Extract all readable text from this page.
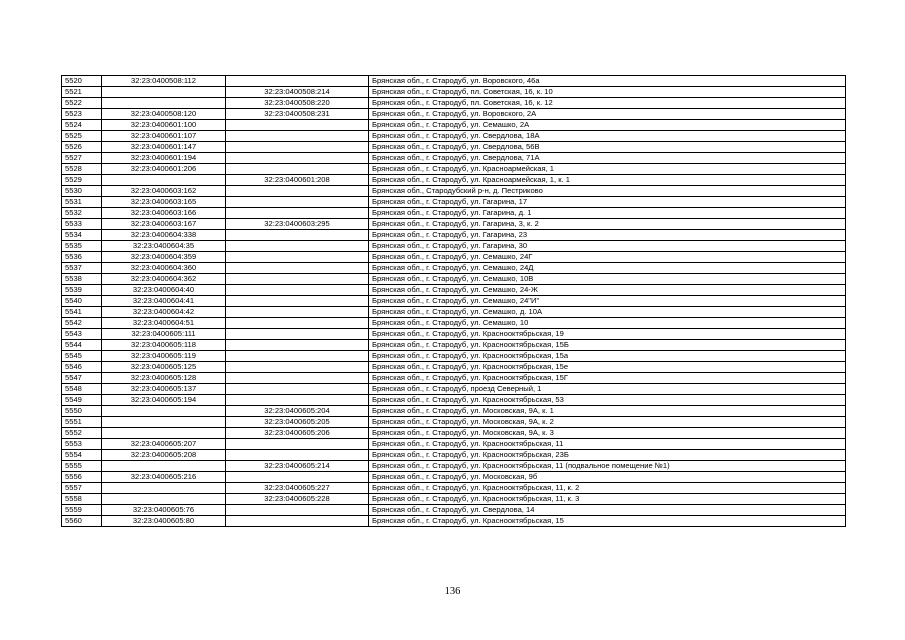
5520	32:23:0400508:112		Брянская обл., г. Стародуб, ул. Воровского, 46а
5521		32:23:0400508:214	Брянская обл., г. Стародуб, пл. Советская, 16, к. 10
5522		32:23:0400508:220	Брянская обл., г. Стародуб, пл. Советская, 16, к. 12
5523	32:23:0400508:120	32:23:0400508:231	Брянская обл., г. Стародуб, ул. Воровского, 2А
5524	32:23:0400601:100		Брянская обл., г. Стародуб, ул. Семашко, 2А
5525	32:23:0400601:107		Брянская обл., г. Стародуб, ул. Свердлова, 18А
5526	32:23:0400601:147		Брянская обл., г. Стародуб, ул. Свердлова, 56В
5527	32:23:0400601:194		Брянская обл., г. Стародуб, ул. Свердлова, 71А
5528	32:23:0400601:206		Брянская обл., г. Стародуб, ул. Красноармейская, 1
5529		32:23:0400601:208	Брянская обл., г. Стародуб, ул. Красноармейская, 1, к. 1
5530	32:23:0400603:162		Брянская обл., Стародубский р-н, д. Пестриково
5531	32:23:0400603:165		Брянская обл., г. Стародуб, ул. Гагарина, 17
5532	32:23:0400603:166		Брянская обл., г. Стародуб, ул. Гагарина, д. 1
5533	32:23:0400603:167	32:23:0400603:295	Брянская обл., г. Стародуб, ул. Гагарина, 3, к. 2
5534	32:23:0400604:338		Брянская обл., г. Стародуб, ул. Гагарина, 23
5535	32:23:0400604:35		Брянская обл., г. Стародуб, ул. Гагарина, 30
5536	32:23:0400604:359		Брянская обл., г. Стародуб, ул. Семашко, 24Г
5537	32:23:0400604:360		Брянская обл., г. Стародуб, ул. Семашко, 24Д
5538	32:23:0400604:362		Брянская обл., г. Стародуб, ул. Семашко, 10В
5539	32:23:0400604:40		Брянская обл., г. Стародуб, ул. Семашко, 24-Ж
5540	32:23:0400604:41		Брянская обл., г. Стародуб, ул. Семашко, 24"И"
5541	32:23:0400604:42		Брянская обл., г. Стародуб, ул. Семашко, д. 10А
5542	32:23:0400604:51		Брянская обл., г. Стародуб, ул. Семашко, 10
5543	32:23:0400605:111		Брянская обл., г. Стародуб, ул. Краснооктябрьская, 19
5544	32:23:0400605:118		Брянская обл., г. Стародуб, ул. Краснооктябрьская, 15Б
5545	32:23:0400605:119		Брянская обл., г. Стародуб, ул. Краснооктябрьская, 15а
5546	32:23:0400605:125		Брянская обл., г. Стародуб, ул. Краснооктябрьская, 15е
5547	32:23:0400605:128		Брянская обл., г. Стародуб, ул. Краснооктябрьская, 15Г
5548	32:23:0400605:137		Брянская обл., г. Стародуб, проезд Северный, 1
5549	32:23:0400605:194		Брянская обл., г. Стародуб, ул. Краснооктябрьская, 53
5550		32:23:0400605:204	Брянская обл., г. Стародуб, ул. Московская, 9А, к. 1
5551		32:23:0400605:205	Брянская обл., г. Стародуб, ул. Московская, 9А, к. 2
5552		32:23:0400605:206	Брянская обл., г. Стародуб, ул. Московская, 9А, к. 3
5553	32:23:0400605:207		Брянская обл., г. Стародуб, ул. Краснооктябрьская, 11
5554	32:23:0400605:208		Брянская обл., г. Стародуб, ул. Краснооктябрьская, 23Б
5555		32:23:0400605:214	Брянская обл., г. Стародуб, ул. Краснооктябрьская, 11 (подвальное помещение №1)
5556	32:23:0400605:216		Брянская обл., г. Стародуб, ул. Московская, 9б
5557		32:23:0400605:227	Брянская обл., г. Стародуб, ул. Краснооктябрьская, 11, к. 2
5558		32:23:0400605:228	Брянская обл., г. Стародуб, ул. Краснооктябрьская, 11, к. 3
5559	32:23:0400605:76		Брянская обл., г. Стародуб, ул. Свердлова, 14
5560	32:23:0400605:80		Брянская обл., г. Стародуб, ул. Краснооктябрьская, 15
136
